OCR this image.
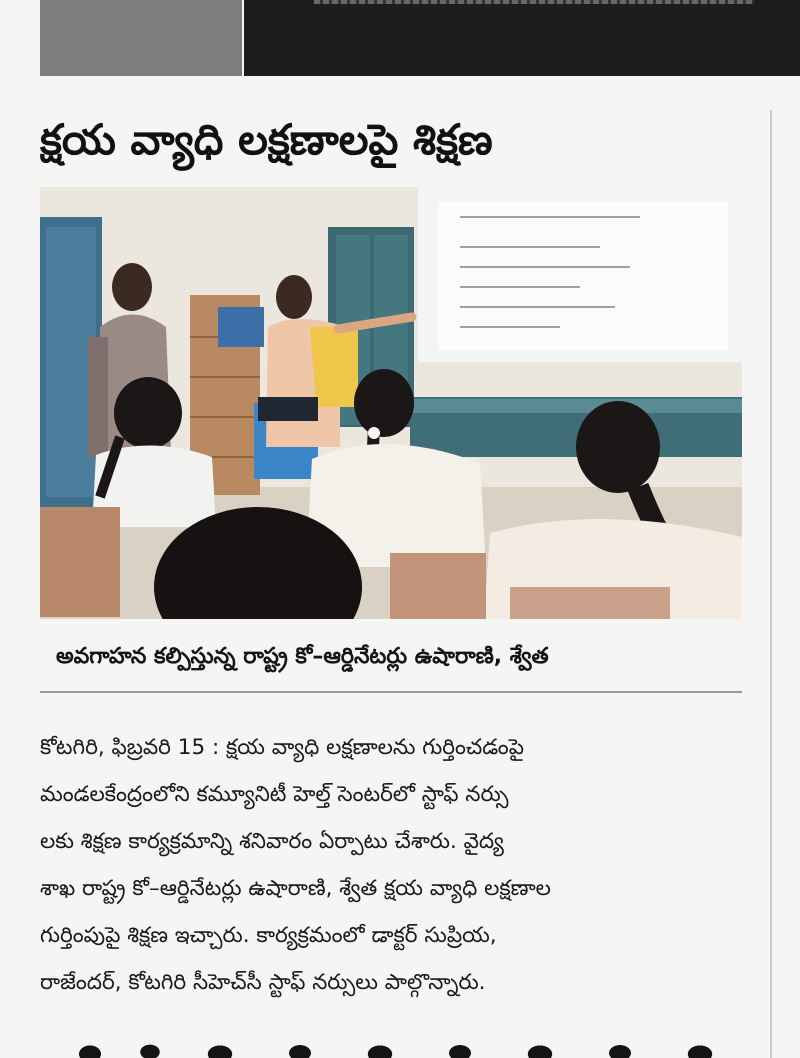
క్షయ వ్యాధి లక్షణాలపై శిక్షణ
అవగాహన కల్పిస్తున్న రాష్ట్ర కో–ఆర్డినేటర్లు ఉషారాణి, శ్వేత
కోటగిరి, ఫిబ్రవరి 15 : క్షయ వ్యాధి లక్షణాలను గుర్తించడంపై
మండలకేంద్రంలోని కమ్యూనిటీ హెల్త్ సెంటర్‌లో స్టాఫ్ నర్సు
లకు శిక్షణ కార్యక్రమాన్ని శనివారం ఏర్పాటు చేశారు. వైద్య
శాఖ రాష్ట్ర కో–ఆర్డినేటర్లు ఉషారాణి, శ్వేత క్షయ వ్యాధి లక్షణాల
గుర్తింపుపై శిక్షణ ఇచ్చారు. కార్యక్రమంలో డాక్టర్ సుప్రియ,
రాజేందర్, కోటగిరి సీహెచ్‌సీ స్టాఫ్ నర్సులు పాల్గొన్నారు.
